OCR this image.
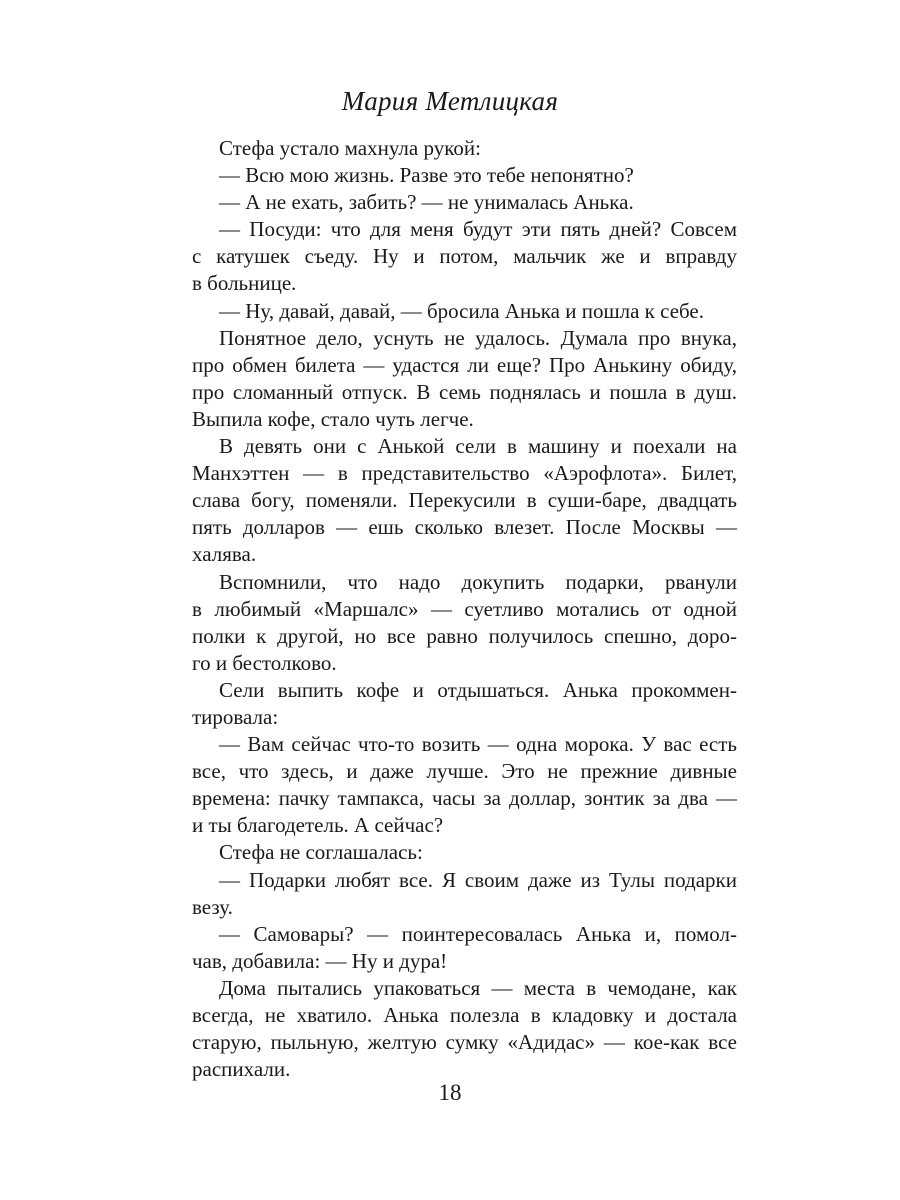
Мария Метлицкая
Стефа устало махнула рукой:
— Всю мою жизнь. Разве это тебе непонятно?
— А не ехать, забить? — не унималась Анька.
— Посуди: что для меня будут эти пять дней? Совсем
с катушек съеду. Ну и потом, мальчик же и вправду
в больнице.
— Ну, давай, давай, — бросила Анька и пошла к себе.
Понятное дело, уснуть не удалось. Думала про внука,
про обмен билета — удастся ли еще? Про Анькину обиду,
про сломанный отпуск. В семь поднялась и пошла в душ.
Выпила кофе, стало чуть легче.
В девять они с Анькой сели в машину и поехали на
Манхэттен — в представительство «Аэрофлота». Билет,
слава богу, поменяли. Перекусили в суши-баре, двадцать
пять долларов — ешь сколько влезет. После Москвы —
халява.
Вспомнили, что надо докупить подарки, рванули
в любимый «Маршалс» — суетливо мотались от одной
полки к другой, но все равно получилось спешно, доро-
го и бестолково.
Сели выпить кофе и отдышаться. Анька прокоммен-
тировала:
— Вам сейчас что-то возить — одна морока. У вас есть
все, что здесь, и даже лучше. Это не прежние дивные
времена: пачку тампакса, часы за доллар, зонтик за два —
и ты благодетель. А сейчас?
Стефа не соглашалась:
— Подарки любят все. Я своим даже из Тулы подарки
везу.
— Самовары? — поинтересовалась Анька и, помол-
чав, добавила: — Ну и дура!
Дома пытались упаковаться — места в чемодане, как
всегда, не хватило. Анька полезла в кладовку и достала
старую, пыльную, желтую сумку «Адидас» — кое-как все
распихали.
18
